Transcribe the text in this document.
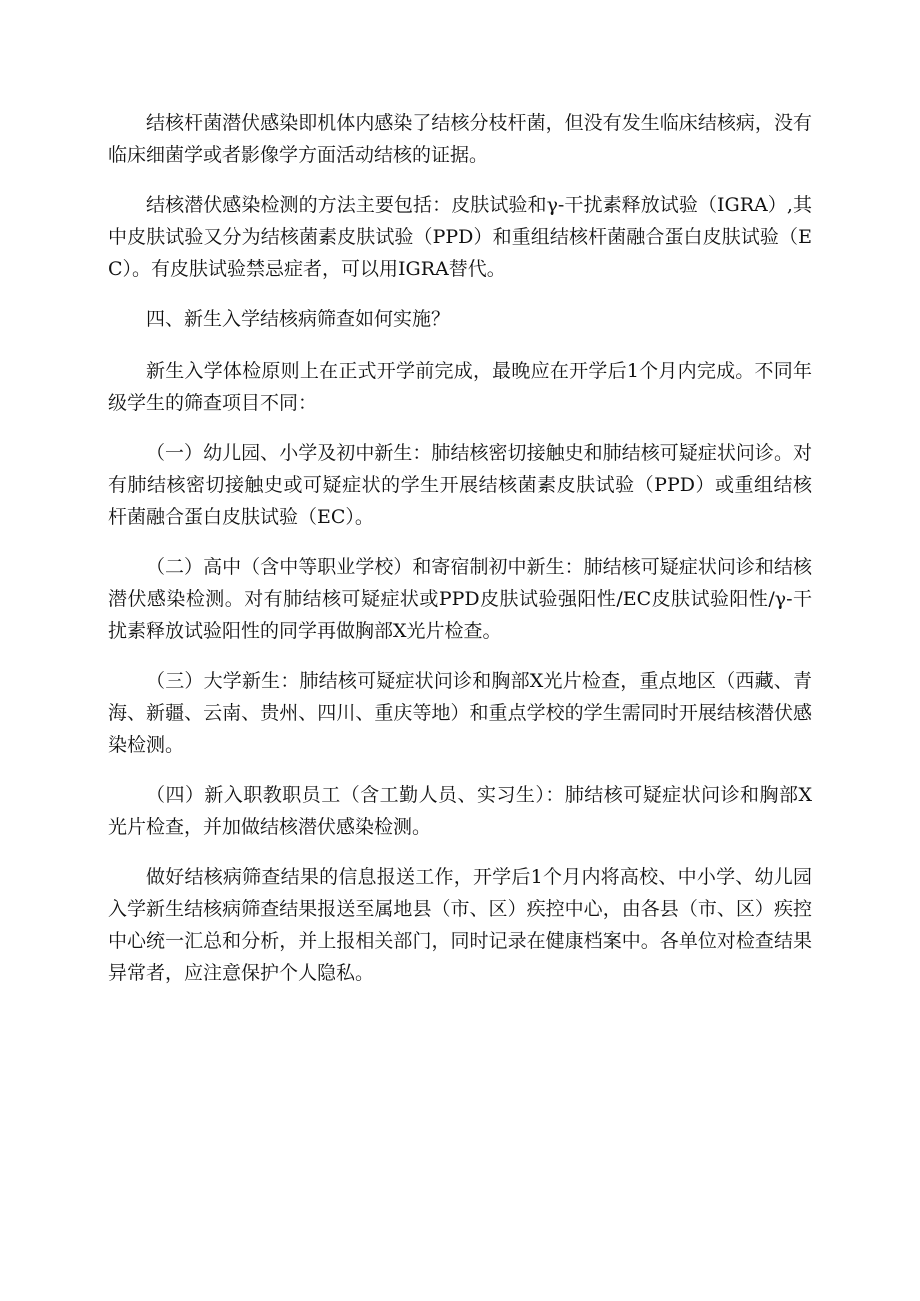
结核杆菌潜伏感染即机体内感染了结核分枝杆菌，但没有发生临床结核病，没有临床细菌学或者影像学方面活动结核的证据。

结核潜伏感染检测的方法主要包括：皮肤试验和γ-干扰素释放试验（IGRA）,其中皮肤试验又分为结核菌素皮肤试验（PPD）和重组结核杆菌融合蛋白皮肤试验（EC）。有皮肤试验禁忌症者，可以用IGRA替代。

四、新生入学结核病筛查如何实施？

新生入学体检原则上在正式开学前完成，最晚应在开学后1个月内完成。不同年级学生的筛查项目不同：

（一）幼儿园、小学及初中新生：肺结核密切接触史和肺结核可疑症状问诊。对有肺结核密切接触史或可疑症状的学生开展结核菌素皮肤试验（PPD）或重组结核杆菌融合蛋白皮肤试验（EC）。

（二）高中（含中等职业学校）和寄宿制初中新生：肺结核可疑症状问诊和结核潜伏感染检测。对有肺结核可疑症状或PPD皮肤试验强阳性/EC皮肤试验阳性/γ-干扰素释放试验阳性的同学再做胸部X光片检查。

（三）大学新生：肺结核可疑症状问诊和胸部X光片检查，重点地区（西藏、青海、新疆、云南、贵州、四川、重庆等地）和重点学校的学生需同时开展结核潜伏感染检测。

（四）新入职教职员工（含工勤人员、实习生）：肺结核可疑症状问诊和胸部X光片检查，并加做结核潜伏感染检测。

做好结核病筛查结果的信息报送工作，开学后1个月内将高校、中小学、幼儿园入学新生结核病筛查结果报送至属地县（市、区）疾控中心，由各县（市、区）疾控中心统一汇总和分析，并上报相关部门，同时记录在健康档案中。各单位对检查结果异常者，应注意保护个人隐私。
